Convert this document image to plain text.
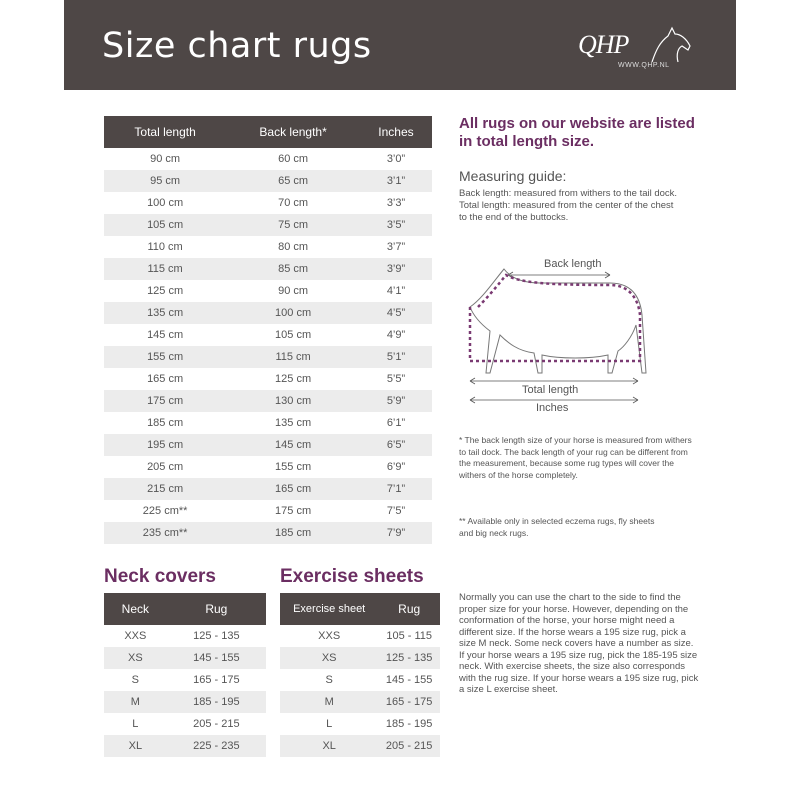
Size chart rugs	QHP
WWW.QHP.NL
Total length	Back length*	Inches
90 cm	60 cm	3’0”
95 cm	65 cm	3’1”
100 cm	70 cm	3’3”
105 cm	75 cm	3’5”
110 cm	80 cm	3’7”
115 cm	85 cm	3’9”
125 cm	90 cm	4’1”
135 cm	100 cm	4’5”
145 cm	105 cm	4’9”
155 cm	115 cm	5’1”
165 cm	125 cm	5’5”
175 cm	130 cm	5’9”
185 cm	135 cm	6’1”
195 cm	145 cm	6’5”
205 cm	155 cm	6’9”
215 cm	165 cm	7’1”
225 cm**	175 cm	7’5”
235 cm**	185 cm	7’9”

All rugs on our website are listed in total length size.
Measuring guide:
Back length: measured from withers to the tail dock.
Total length: measured from the center of the chest to the end of the buttocks.
Back length
Total length
Inches
* The back length size of your horse is measured from withers to tail dock. The back length of your rug can be different from the measurement, because some rug types will cover the withers of the horse completely.
** Available only in selected eczema rugs, fly sheets and big neck rugs.
Neck covers	Exercise sheets
Neck	Rug
XXS	125 - 135
XS	145 - 155
S	165 - 175
M	185 - 195
L	205 - 215
XL	225 - 235
Exercise sheet	Rug
XXS	105 - 115
XS	125 - 135
S	145 - 155
M	165 - 175
L	185 - 195
XL	205 - 215
Normally you can use the chart to the side to find the proper size for your horse. However, depending on the conformation of the horse, your horse might need a different size. If the horse wears a 195 size rug, pick a size M neck. Some neck covers have a number as size. If your horse wears a 195 size rug, pick the 185-195 size neck. With exercise sheets, the size also corresponds with the rug size. If your horse wears a 195 size rug, pick a size L exercise sheet.
